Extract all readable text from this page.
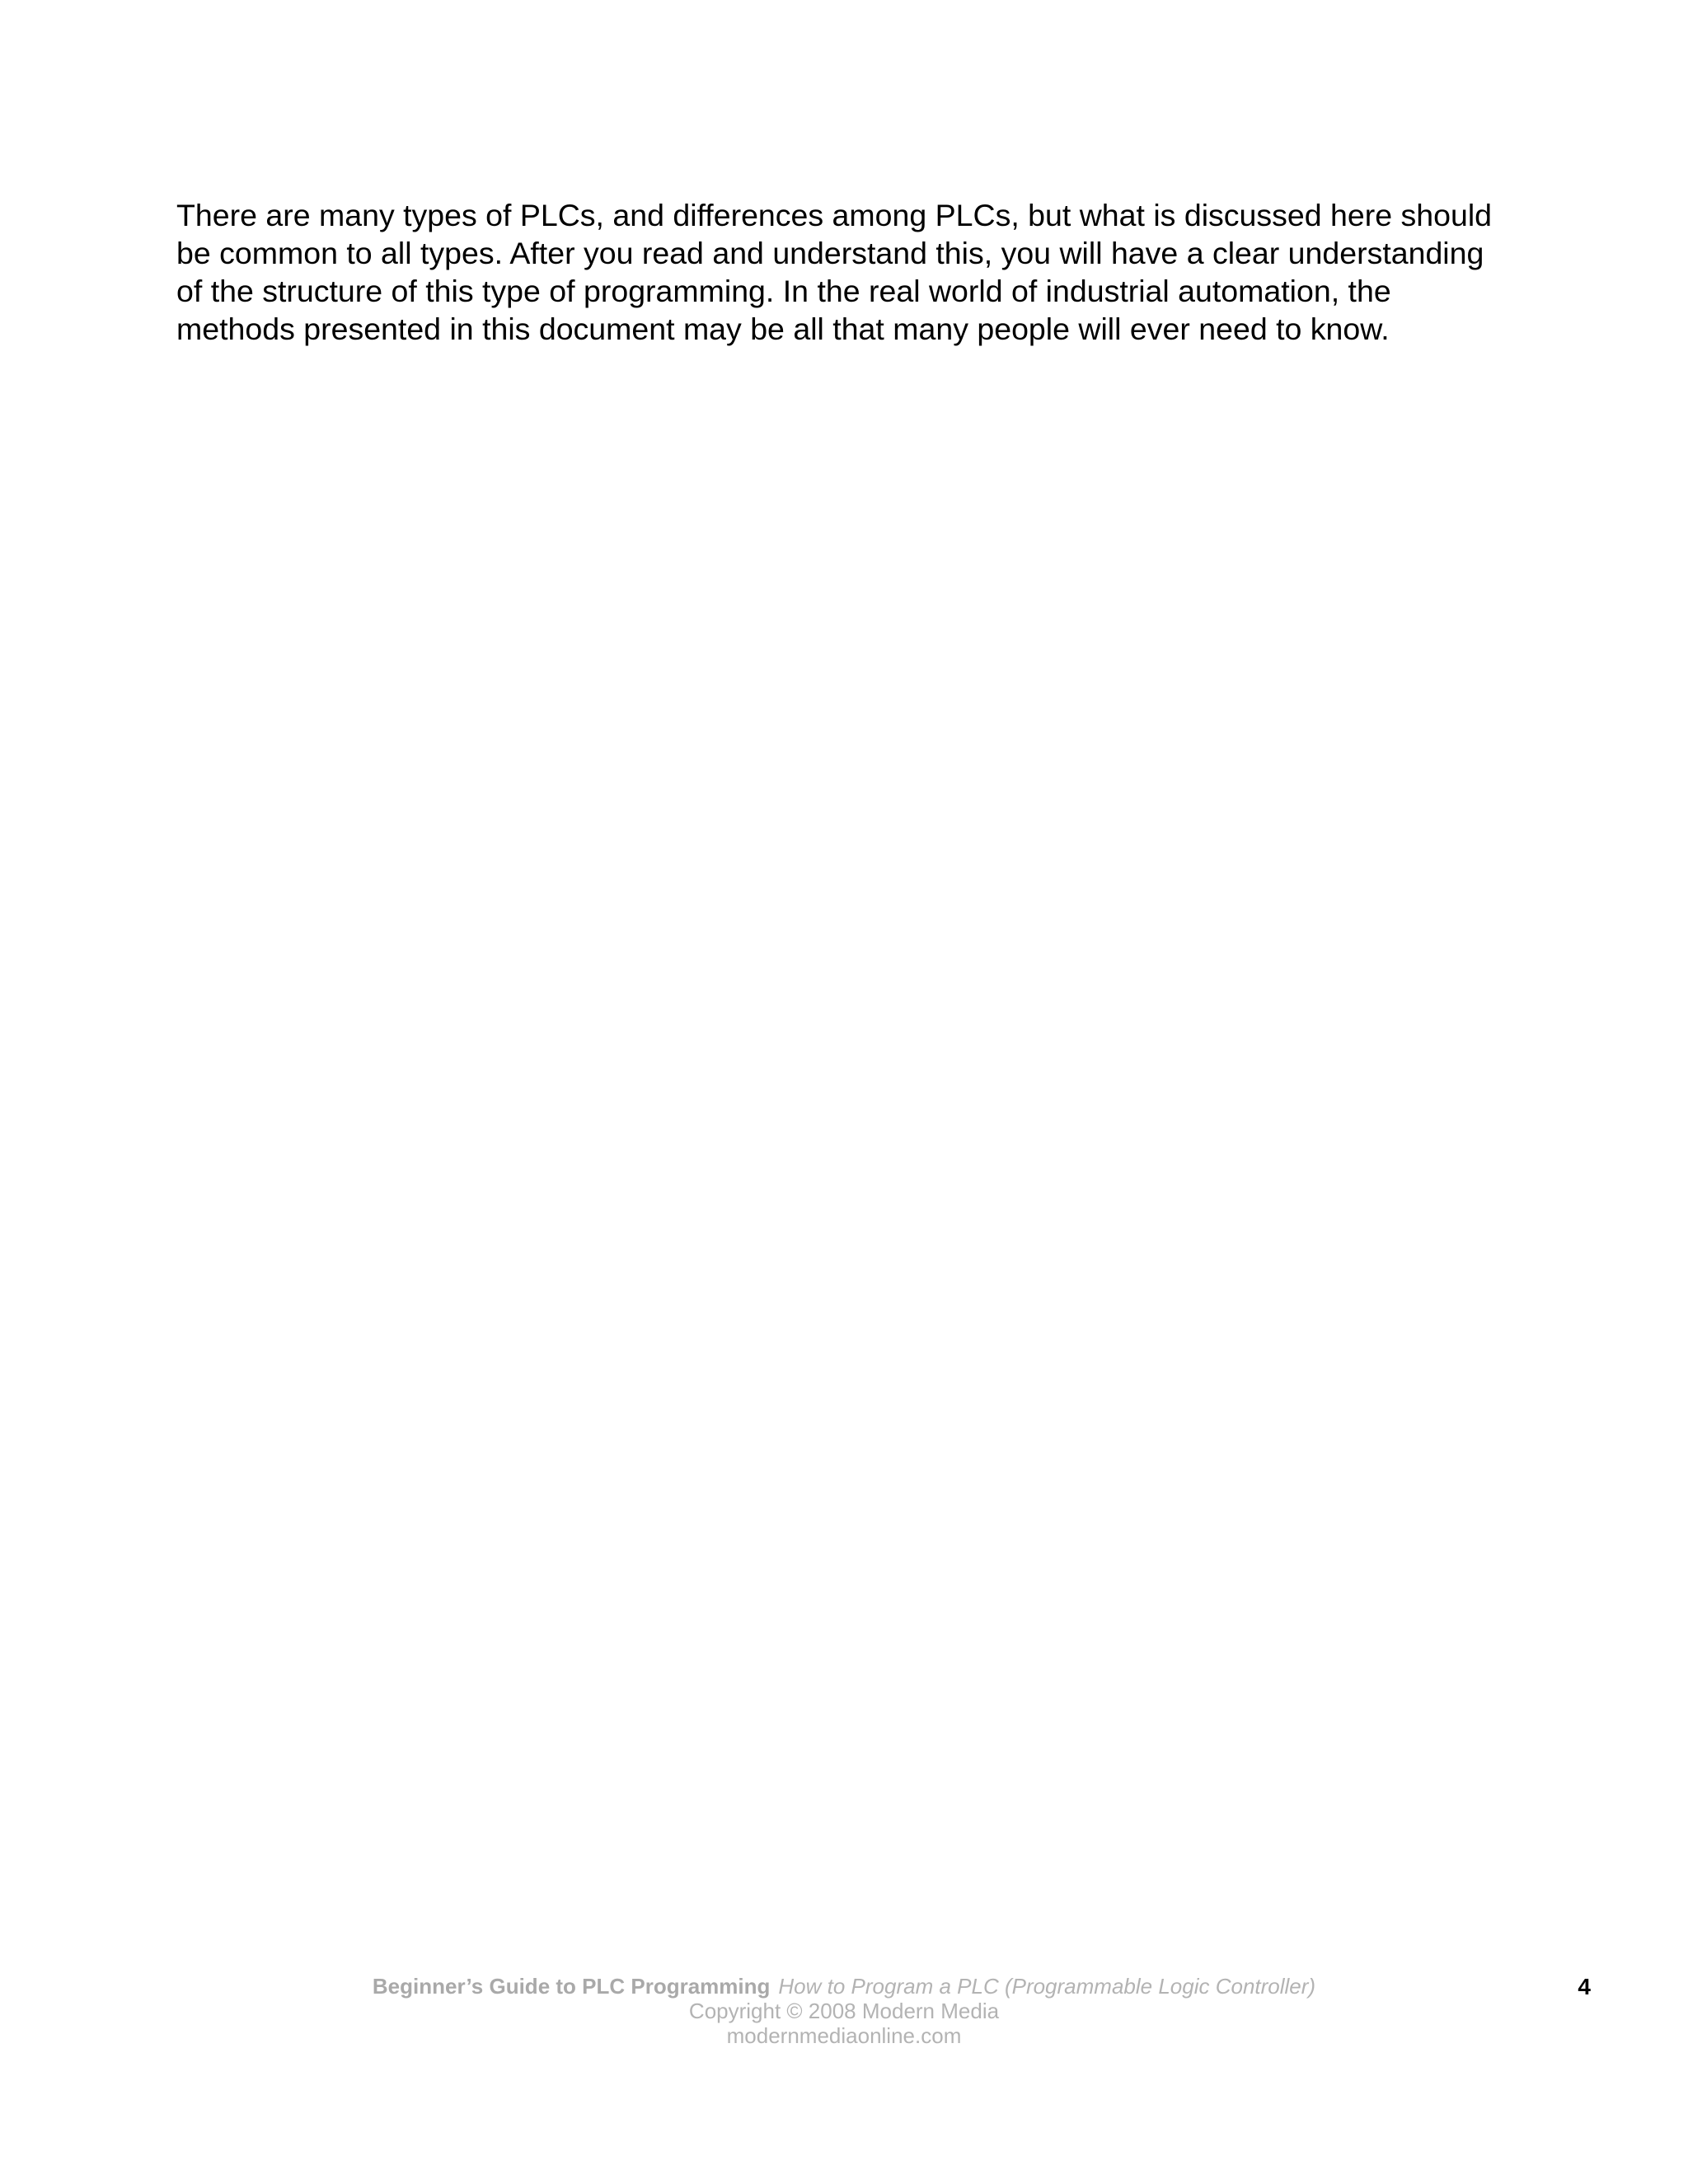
There are many types of PLCs, and differences among PLCs, but what is discussed here should
be common to all types. After you read and understand this, you will have a clear understanding
of the structure of this type of programming. In the real world of industrial automation, the
methods presented in this document may be all that many people will ever need to know.

Beginner’s Guide to PLC Programming How to Program a PLC (Programmable Logic Controller)
Copyright © 2008 Modern Media
modernmediaonline.com
4
